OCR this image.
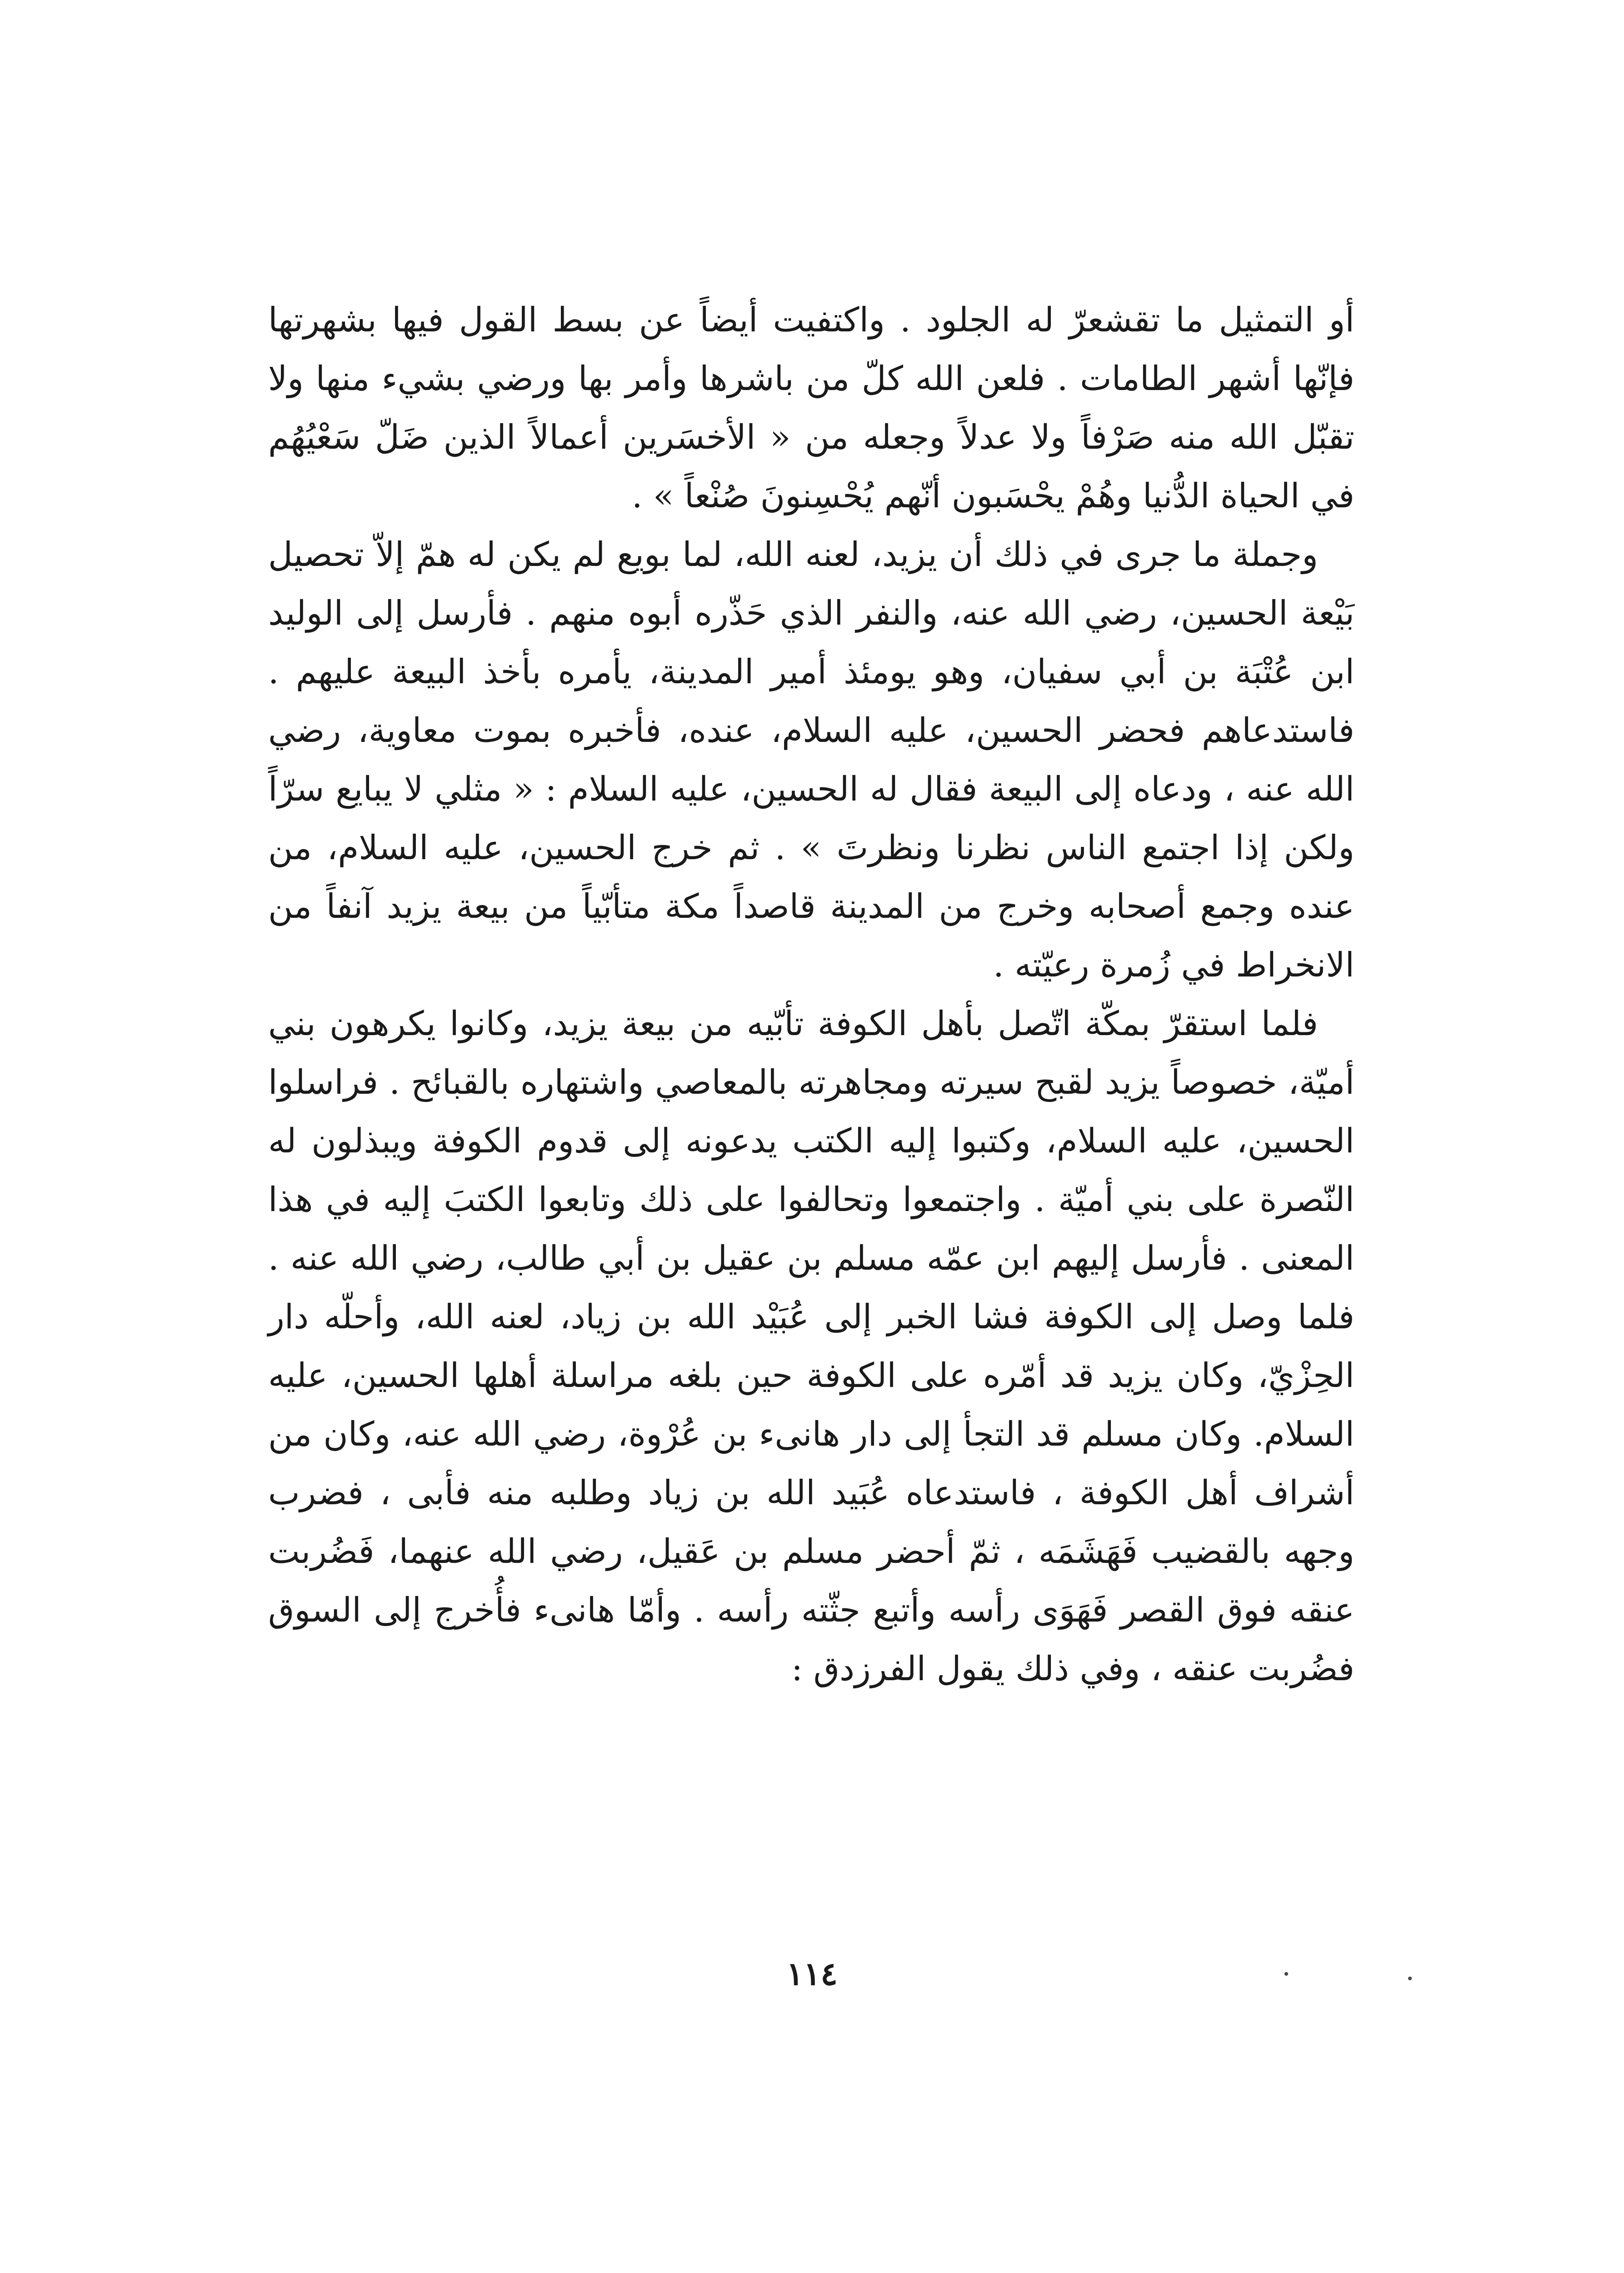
أو التمثيل ما تقشعرّ له الجلود . واكتفيت أيضاً عن بسط القول فيها بشهرتها فإنّها أشهر الطامات . فلعن الله كلّ من باشرها وأمر بها ورضي بشيء منها ولا تقبّل الله منه صَرْفاً ولا عدلاً وجعله من « الأخسَرين أعمالاً الذين ضَلّ سَعْيُهُم في الحياة الدُّنيا وهُمْ يحْسَبون أنّهم يُحْسِنونَ صُنْعاً » .

وجملة ما جرى في ذلك أن يزيد، لعنه الله، لما بويع لم يكن له همّ إلاّ تحصيل بَيْعة الحسين، رضي الله عنه، والنفر الذي حَذّره أبوه منهم . فأرسل إلى الوليد ابن عُتْبَة بن أبي سفيان، وهو يومئذ أمير المدينة، يأمره بأخذ البيعة عليهم . فاستدعاهم فحضر الحسين، عليه السلام، عنده، فأخبره بموت معاوية، رضي الله عنه ، ودعاه إلى البيعة فقال له الحسين، عليه السلام : « مثلي لا يبايع سرّاً ولكن إذا اجتمع الناس نظرنا ونظرتَ » . ثم خرج الحسين، عليه السلام، من عنده وجمع أصحابه وخرج من المدينة قاصداً مكة متأبّياً من بيعة يزيد آنفاً من الانخراط في زُمرة رعيّته .

فلما استقرّ بمكّة اتّصل بأهل الكوفة تأبّيه من بيعة يزيد، وكانوا يكرهون بني أميّة، خصوصاً يزيد لقبح سيرته ومجاهرته بالمعاصي واشتهاره بالقبائح . فراسلوا الحسين، عليه السلام، وكتبوا إليه الكتب يدعونه إلى قدوم الكوفة ويبذلون له النّصرة على بني أميّة . واجتمعوا وتحالفوا على ذلك وتابعوا الكتبَ إليه في هذا المعنى . فأرسل إليهم ابن عمّه مسلم بن عقيل بن أبي طالب، رضي الله عنه . فلما وصل إلى الكوفة فشا الخبر إلى عُبَيْد الله بن زياد، لعنه الله، وأحلّه دار الحِزْيّ، وكان يزيد قد أمّره على الكوفة حين بلغه مراسلة أهلها الحسين، عليه السلام. وكان مسلم قد التجأ إلى دار هانىء بن عُرْوة، رضي الله عنه، وكان من أشراف أهل الكوفة ، فاستدعاه عُبَيد الله بن زياد وطلبه منه فأبى ، فضرب وجهه بالقضيب فَهَشَمَه ، ثمّ أحضر مسلم بن عَقيل، رضي الله عنهما، فَضُربت عنقه فوق القصر فَهَوَى رأسه وأتبع جثّته رأسه . وأمّا هانىء فأُخرج إلى السوق فضُربت عنقه ، وفي ذلك يقول الفرزدق :

١١٤
